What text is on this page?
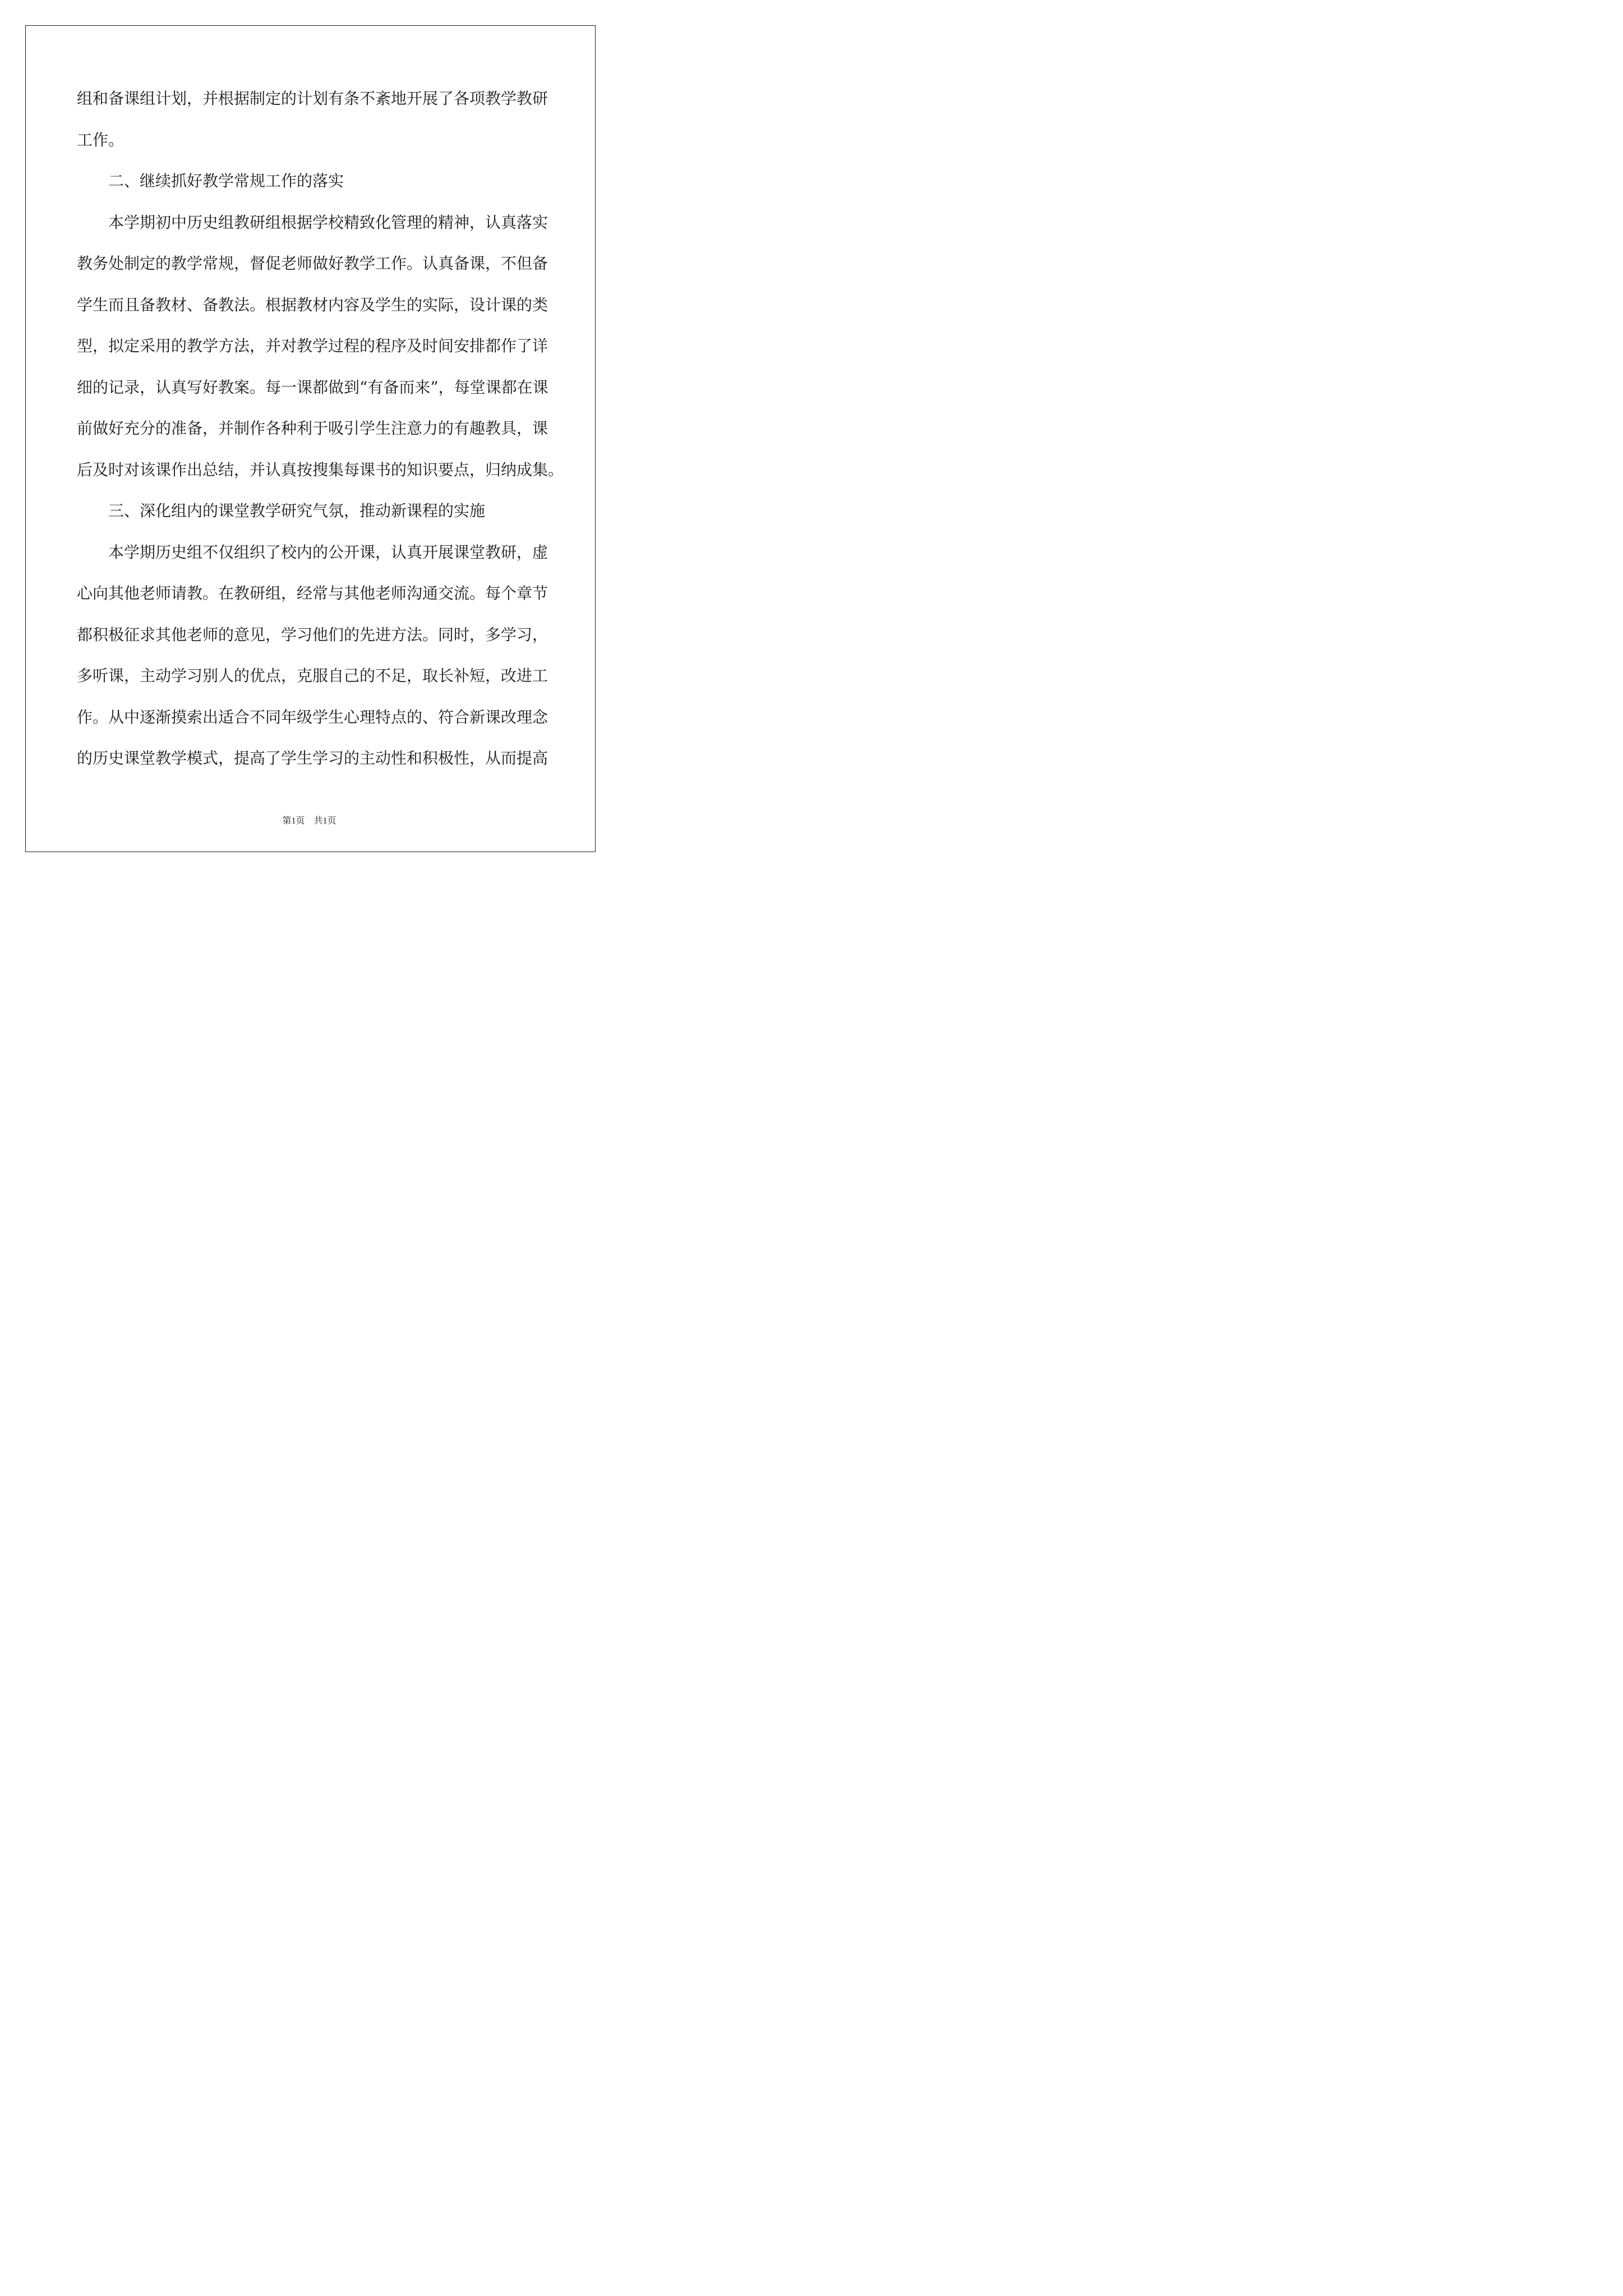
组和备课组计划，并根据制定的计划有条不紊地开展了各项教学教研
工作。
二、继续抓好教学常规工作的落实
本学期初中历史组教研组根据学校精致化管理的精神，认真落实
教务处制定的教学常规，督促老师做好教学工作。认真备课，不但备
学生而且备教材、备教法。根据教材内容及学生的实际，设计课的类
型，拟定采用的教学方法，并对教学过程的程序及时间安排都作了详
细的记录，认真写好教案。每一课都做到“有备而来”，每堂课都在课
前做好充分的准备，并制作各种利于吸引学生注意力的有趣教具，课
后及时对该课作出总结，并认真按搜集每课书的知识要点，归纳成集。
三、深化组内的课堂教学研究气氛，推动新课程的实施
本学期历史组不仅组织了校内的公开课，认真开展课堂教研，虚
心向其他老师请教。在教研组，经常与其他老师沟通交流。每个章节
都积极征求其他老师的意见，学习他们的先进方法。同时，多学习，
多听课，主动学习别人的优点，克服自己的不足，取长补短，改进工
作。从中逐渐摸索出适合不同年级学生心理特点的、符合新课改理念
的历史课堂教学模式，提高了学生学习的主动性和积极性，从而提高
第1页　共1页
